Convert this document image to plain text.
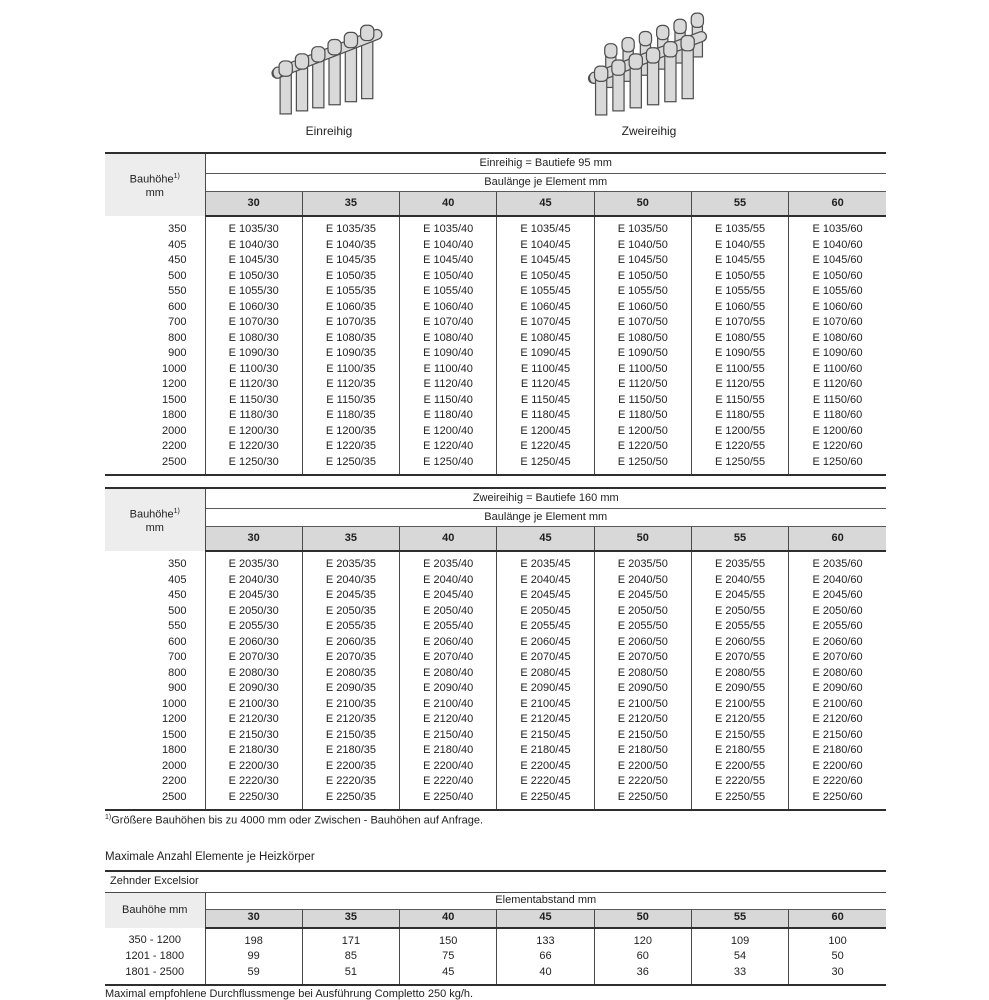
Einreihig	Zweireihig
Bauhöhe$^{1)}$
mm	Einreihig = Bautiefe 95 mm						
	Baulänge je Element mm						
	30	35	40	45	50	55	60
350	E 1035/30	E 1035/35	E 1035/40	E 1035/45	E 1035/50	E 1035/55	E 1035/60
405	E 1040/30	E 1040/35	E 1040/40	E 1040/45	E 1040/50	E 1040/55	E 1040/60
450	E 1045/30	E 1045/35	E 1045/40	E 1045/45	E 1045/50	E 1045/55	E 1045/60
500	E 1050/30	E 1050/35	E 1050/40	E 1050/45	E 1050/50	E 1050/55	E 1050/60
550	E 1055/30	E 1055/35	E 1055/40	E 1055/45	E 1055/50	E 1055/55	E 1055/60
600	E 1060/30	E 1060/35	E 1060/40	E 1060/45	E 1060/50	E 1060/55	E 1060/60
700	E 1070/30	E 1070/35	E 1070/40	E 1070/45	E 1070/50	E 1070/55	E 1070/60
800	E 1080/30	E 1080/35	E 1080/40	E 1080/45	E 1080/50	E 1080/55	E 1080/60
900	E 1090/30	E 1090/35	E 1090/40	E 1090/45	E 1090/50	E 1090/55	E 1090/60
1000	E 1100/30	E 1100/35	E 1100/40	E 1100/45	E 1100/50	E 1100/55	E 1100/60
1200	E 1120/30	E 1120/35	E 1120/40	E 1120/45	E 1120/50	E 1120/55	E 1120/60
1500	E 1150/30	E 1150/35	E 1150/40	E 1150/45	E 1150/50	E 1150/55	E 1150/60
1800	E 1180/30	E 1180/35	E 1180/40	E 1180/45	E 1180/50	E 1180/55	E 1180/60
2000	E 1200/30	E 1200/35	E 1200/40	E 1200/45	E 1200/50	E 1200/55	E 1200/60
2200	E 1220/30	E 1220/35	E 1220/40	E 1220/45	E 1220/50	E 1220/55	E 1220/60
2500	E 1250/30	E 1250/35	E 1250/40	E 1250/45	E 1250/50	E 1250/55	E 1250/60
Bauhöhe$^{1)}$
mm	Zweireihig = Bautiefe 160 mm						
	Baulänge je Element mm						
	30	35	40	45	50	55	60
350	E 2035/30	E 2035/35	E 2035/40	E 2035/45	E 2035/50	E 2035/55	E 2035/60
405	E 2040/30	E 2040/35	E 2040/40	E 2040/45	E 2040/50	E 2040/55	E 2040/60
450	E 2045/30	E 2045/35	E 2045/40	E 2045/45	E 2045/50	E 2045/55	E 2045/60
500	E 2050/30	E 2050/35	E 2050/40	E 2050/45	E 2050/50	E 2050/55	E 2050/60
550	E 2055/30	E 2055/35	E 2055/40	E 2055/45	E 2055/50	E 2055/55	E 2055/60
600	E 2060/30	E 2060/35	E 2060/40	E 2060/45	E 2060/50	E 2060/55	E 2060/60
700	E 2070/30	E 2070/35	E 2070/40	E 2070/45	E 2070/50	E 2070/55	E 2070/60
800	E 2080/30	E 2080/35	E 2080/40	E 2080/45	E 2080/50	E 2080/55	E 2080/60
900	E 2090/30	E 2090/35	E 2090/40	E 2090/45	E 2090/50	E 2090/55	E 2090/60
1000	E 2100/30	E 2100/35	E 2100/40	E 2100/45	E 2100/50	E 2100/55	E 2100/60
1200	E 2120/30	E 2120/35	E 2120/40	E 2120/45	E 2120/50	E 2120/55	E 2120/60
1500	E 2150/30	E 2150/35	E 2150/40	E 2150/45	E 2150/50	E 2150/55	E 2150/60
1800	E 2180/30	E 2180/35	E 2180/40	E 2180/45	E 2180/50	E 2180/55	E 2180/60
2000	E 2200/30	E 2200/35	E 2200/40	E 2200/45	E 2200/50	E 2200/55	E 2200/60
2200	E 2220/30	E 2220/35	E 2220/40	E 2220/45	E 2220/50	E 2220/55	E 2220/60
2500	E 2250/30	E 2250/35	E 2250/40	E 2250/45	E 2250/50	E 2250/55	E 2250/60

$^{1)}$Größere Bauhöhen bis zu 4000 mm oder Zwischen - Bauhöhen auf Anfrage.

Maximale Anzahl Elemente je Heizkörper

Zehnder Excelsior							
Bauhöhe mm	Elementabstand mm						
	30	35	40	45	50	55	60
350 - 1200	198	171	150	133	120	109	100
1201 - 1800	99	85	75	66	60	54	50
1801 - 2500	59	51	45	40	36	33	30

Maximal empfohlene Durchflussmenge bei Ausführung Completto 250 kg/h.
